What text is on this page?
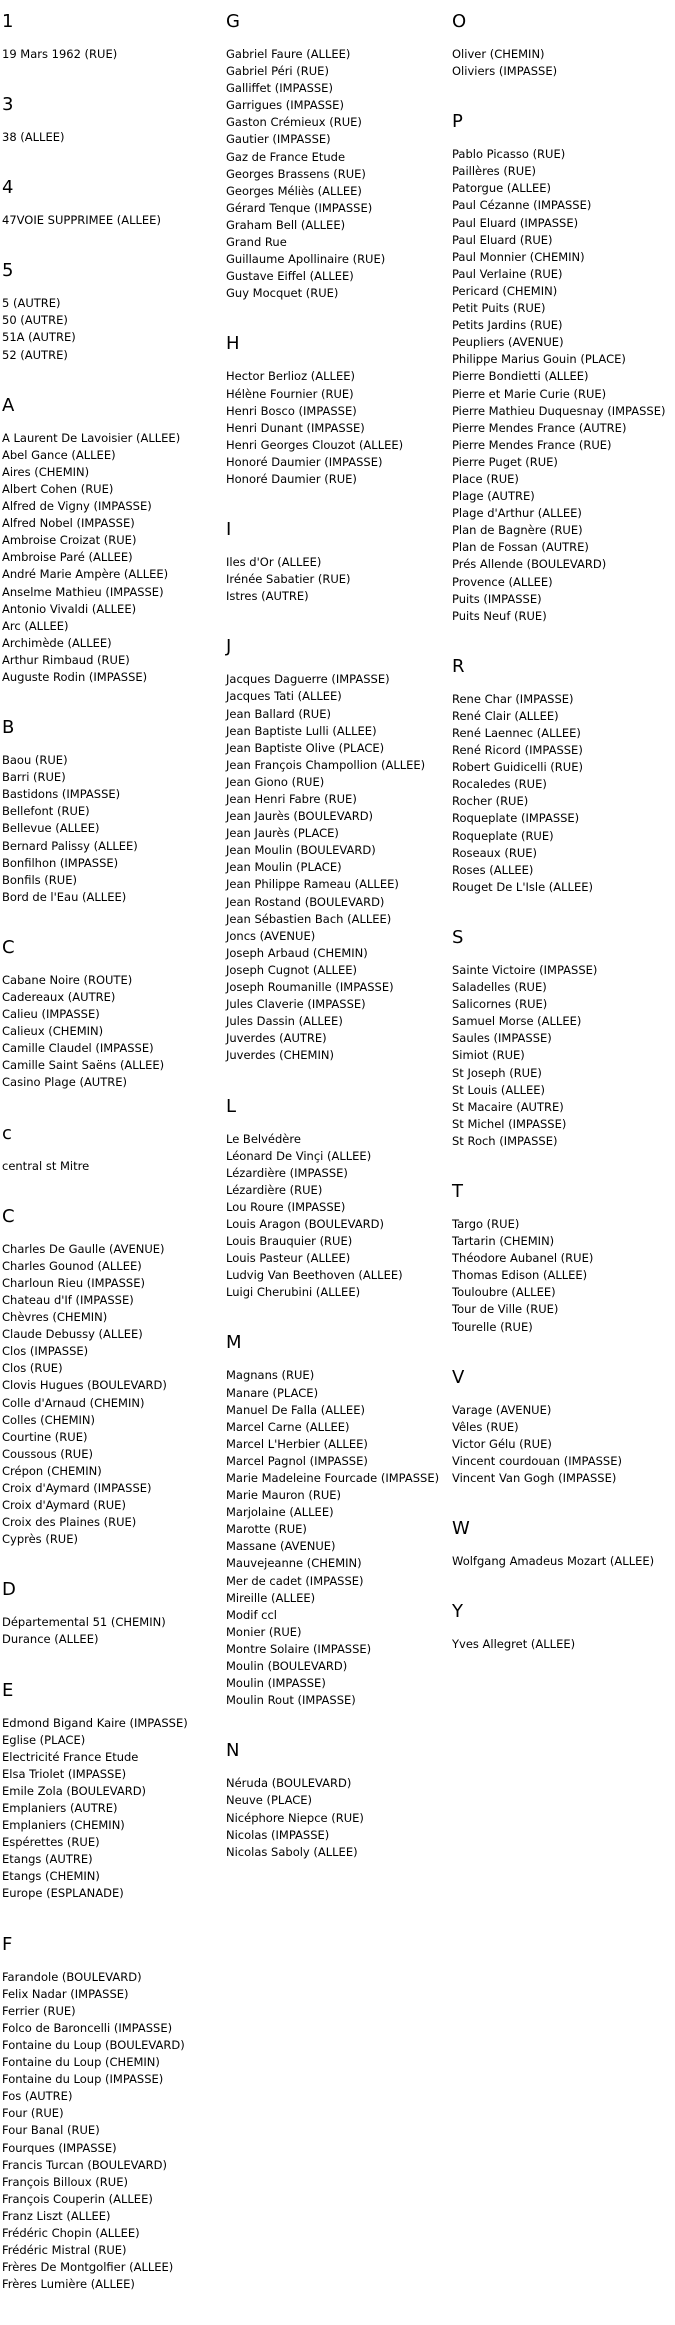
1
19 Mars 1962 (RUE)
3
38 (ALLEE)
4
47VOIE SUPPRIMEE (ALLEE)
5
5 (AUTRE)
50 (AUTRE)
51A (AUTRE)
52 (AUTRE)
A
A Laurent De Lavoisier (ALLEE)
Abel Gance (ALLEE)
Aires (CHEMIN)
Albert Cohen (RUE)
Alfred de Vigny (IMPASSE)
Alfred Nobel (IMPASSE)
Ambroise Croizat (RUE)
Ambroise Paré (ALLEE)
André Marie Ampère (ALLEE)
Anselme Mathieu (IMPASSE)
Antonio Vivaldi (ALLEE)
Arc (ALLEE)
Archimède (ALLEE)
Arthur Rimbaud (RUE)
Auguste Rodin (IMPASSE)
B
Baou (RUE)
Barri (RUE)
Bastidons (IMPASSE)
Bellefont (RUE)
Bellevue (ALLEE)
Bernard Palissy (ALLEE)
Bonfilhon (IMPASSE)
Bonfils (RUE)
Bord de l'Eau (ALLEE)
C
Cabane Noire (ROUTE)
Cadereaux (AUTRE)
Calieu (IMPASSE)
Calieux (CHEMIN)
Camille Claudel (IMPASSE)
Camille Saint Saëns (ALLEE)
Casino Plage (AUTRE)
c
central st Mitre
C
Charles De Gaulle (AVENUE)
Charles Gounod (ALLEE)
Charloun Rieu (IMPASSE)
Chateau d'If (IMPASSE)
Chèvres (CHEMIN)
Claude Debussy (ALLEE)
Clos (IMPASSE)
Clos (RUE)
Clovis Hugues (BOULEVARD)
Colle d'Arnaud (CHEMIN)
Colles (CHEMIN)
Courtine (RUE)
Coussous (RUE)
Crépon (CHEMIN)
Croix d'Aymard (IMPASSE)
Croix d'Aymard (RUE)
Croix des Plaines (RUE)
Cyprès (RUE)
D
Départemental 51 (CHEMIN)
Durance (ALLEE)
E
Edmond Bigand Kaire (IMPASSE)
Eglise (PLACE)
Electricité France Etude
Elsa Triolet (IMPASSE)
Emile Zola (BOULEVARD)
Emplaniers (AUTRE)
Emplaniers (CHEMIN)
Espérettes (RUE)
Etangs (AUTRE)
Etangs (CHEMIN)
Europe (ESPLANADE)
F
Farandole (BOULEVARD)
Felix Nadar (IMPASSE)
Ferrier (RUE)
Folco de Baroncelli (IMPASSE)
Fontaine du Loup (BOULEVARD)
Fontaine du Loup (CHEMIN)
Fontaine du Loup (IMPASSE)
Fos (AUTRE)
Four (RUE)
Four Banal (RUE)
Fourques (IMPASSE)
Francis Turcan (BOULEVARD)
François Billoux (RUE)
François Couperin (ALLEE)
Franz Liszt (ALLEE)
Frédéric Chopin (ALLEE)
Frédéric Mistral (RUE)
Frères De Montgolfier (ALLEE)
Frères Lumière (ALLEE)
G
Gabriel Faure (ALLEE)
Gabriel Péri (RUE)
Galliffet (IMPASSE)
Garrigues (IMPASSE)
Gaston Crémieux (RUE)
Gautier (IMPASSE)
Gaz de France Etude
Georges Brassens (RUE)
Georges Méliès (ALLEE)
Gérard Tenque (IMPASSE)
Graham Bell (ALLEE)
Grand Rue
Guillaume Apollinaire (RUE)
Gustave Eiffel (ALLEE)
Guy Mocquet (RUE)
H
Hector Berlioz (ALLEE)
Hélène Fournier (RUE)
Henri Bosco (IMPASSE)
Henri Dunant (IMPASSE)
Henri Georges Clouzot (ALLEE)
Honoré Daumier (IMPASSE)
Honoré Daumier (RUE)
I
Iles d'Or (ALLEE)
Irénée Sabatier (RUE)
Istres (AUTRE)
J
Jacques Daguerre (IMPASSE)
Jacques Tati (ALLEE)
Jean Ballard (RUE)
Jean Baptiste Lulli (ALLEE)
Jean Baptiste Olive (PLACE)
Jean François Champollion (ALLEE)
Jean Giono (RUE)
Jean Henri Fabre (RUE)
Jean Jaurès (BOULEVARD)
Jean Jaurès (PLACE)
Jean Moulin (BOULEVARD)
Jean Moulin (PLACE)
Jean Philippe Rameau (ALLEE)
Jean Rostand (BOULEVARD)
Jean Sébastien Bach (ALLEE)
Joncs (AVENUE)
Joseph Arbaud (CHEMIN)
Joseph Cugnot (ALLEE)
Joseph Roumanille (IMPASSE)
Jules Claverie (IMPASSE)
Jules Dassin (ALLEE)
Juverdes (AUTRE)
Juverdes (CHEMIN)
L
Le Belvédère
Léonard De Vinçi (ALLEE)
Lézardière (IMPASSE)
Lézardière (RUE)
Lou Roure (IMPASSE)
Louis Aragon (BOULEVARD)
Louis Brauquier (RUE)
Louis Pasteur (ALLEE)
Ludvig Van Beethoven (ALLEE)
Luigi Cherubini (ALLEE)
M
Magnans (RUE)
Manare (PLACE)
Manuel De Falla (ALLEE)
Marcel Carne (ALLEE)
Marcel L'Herbier (ALLEE)
Marcel Pagnol (IMPASSE)
Marie Madeleine Fourcade (IMPASSE)
Marie Mauron (RUE)
Marjolaine (ALLEE)
Marotte (RUE)
Massane (AVENUE)
Mauvejeanne (CHEMIN)
Mer de cadet (IMPASSE)
Mireille (ALLEE)
Modif ccl
Monier (RUE)
Montre Solaire (IMPASSE)
Moulin (BOULEVARD)
Moulin (IMPASSE)
Moulin Rout (IMPASSE)
N
Néruda (BOULEVARD)
Neuve (PLACE)
Nicéphore Niepce (RUE)
Nicolas (IMPASSE)
Nicolas Saboly (ALLEE)
O
Oliver (CHEMIN)
Oliviers (IMPASSE)
P
Pablo Picasso (RUE)
Paillères (RUE)
Patorgue (ALLEE)
Paul Cézanne (IMPASSE)
Paul Eluard (IMPASSE)
Paul Eluard (RUE)
Paul Monnier (CHEMIN)
Paul Verlaine (RUE)
Pericard (CHEMIN)
Petit Puits (RUE)
Petits Jardins (RUE)
Peupliers (AVENUE)
Philippe Marius Gouin (PLACE)
Pierre Bondietti (ALLEE)
Pierre et Marie Curie (RUE)
Pierre Mathieu Duquesnay (IMPASSE)
Pierre Mendes France (AUTRE)
Pierre Mendes France (RUE)
Pierre Puget (RUE)
Place (RUE)
Plage (AUTRE)
Plage d'Arthur (ALLEE)
Plan de Bagnère (RUE)
Plan de Fossan (AUTRE)
Prés Allende (BOULEVARD)
Provence (ALLEE)
Puits (IMPASSE)
Puits Neuf (RUE)
R
Rene Char (IMPASSE)
René Clair (ALLEE)
René Laennec (ALLEE)
René Ricord (IMPASSE)
Robert Guidicelli (RUE)
Rocaledes (RUE)
Rocher (RUE)
Roqueplate (IMPASSE)
Roqueplate (RUE)
Roseaux (RUE)
Roses (ALLEE)
Rouget De L'Isle (ALLEE)
S
Sainte Victoire (IMPASSE)
Saladelles (RUE)
Salicornes (RUE)
Samuel Morse (ALLEE)
Saules (IMPASSE)
Simiot (RUE)
St Joseph (RUE)
St Louis (ALLEE)
St Macaire (AUTRE)
St Michel (IMPASSE)
St Roch (IMPASSE)
T
Targo (RUE)
Tartarin (CHEMIN)
Théodore Aubanel (RUE)
Thomas Edison (ALLEE)
Touloubre (ALLEE)
Tour de Ville (RUE)
Tourelle (RUE)
V
Varage (AVENUE)
Vêles (RUE)
Victor Gélu (RUE)
Vincent courdouan (IMPASSE)
Vincent Van Gogh (IMPASSE)
W
Wolfgang Amadeus Mozart (ALLEE)
Y
Yves Allegret (ALLEE)
